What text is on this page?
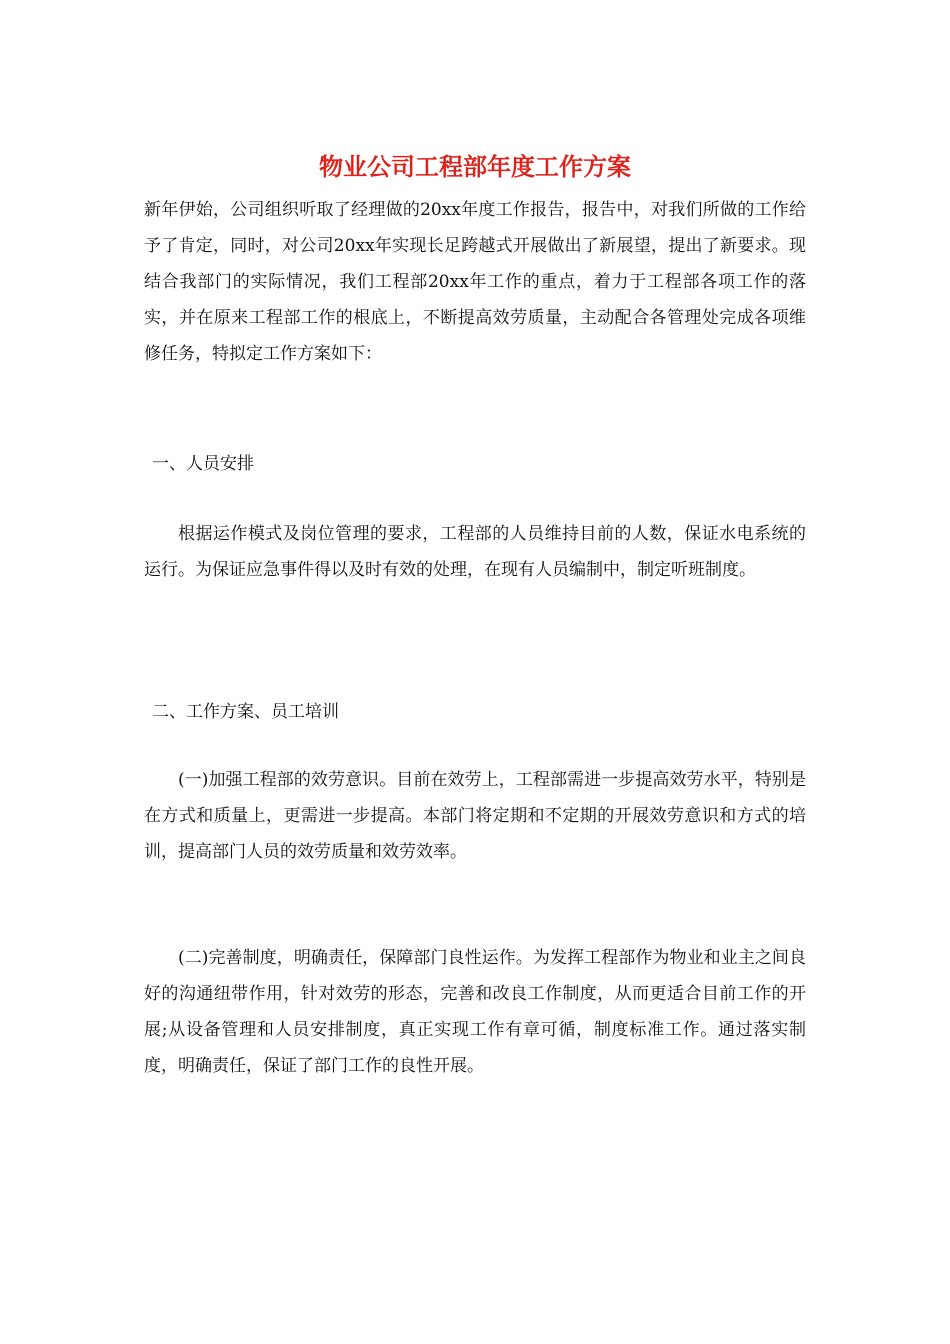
物业公司工程部年度工作方案

新年伊始，公司组织听取了经理做的20xx年度工作报告，报告中，对我们所做的工作给予了肯定，同时，对公司20xx年实现长足跨越式开展做出了新展望，提出了新要求。现结合我部门的实际情况，我们工程部20xx年工作的重点，着力于工程部各项工作的落实，并在原来工程部工作的根底上，不断提高效劳质量，主动配合各管理处完成各项维修任务，特拟定工作方案如下：

一、人员安排

根据运作模式及岗位管理的要求，工程部的人员维持目前的人数，保证水电系统的运行。为保证应急事件得以及时有效的处理，在现有人员编制中，制定听班制度。

二、工作方案、员工培训

(一)加强工程部的效劳意识。目前在效劳上，工程部需进一步提高效劳水平，特别是在方式和质量上，更需进一步提高。本部门将定期和不定期的开展效劳意识和方式的培训，提高部门人员的效劳质量和效劳效率。

(二)完善制度，明确责任，保障部门良性运作。为发挥工程部作为物业和业主之间良好的沟通纽带作用，针对效劳的形态，完善和改良工作制度，从而更适合目前工作的开展;从设备管理和人员安排制度，真正实现工作有章可循，制度标准工作。通过落实制度，明确责任，保证了部门工作的良性开展。
